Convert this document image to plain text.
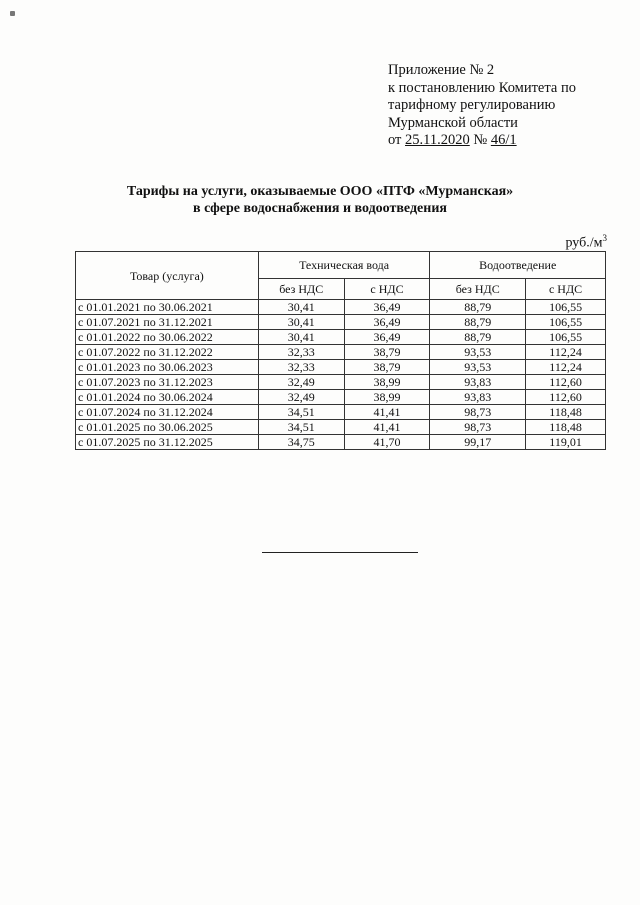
Приложение № 2
к постановлению Комитета по
тарифному регулированию
Мурманской области
от 25.11.2020 № 46/1
Тарифы на услуги, оказываемые ООО «ПТФ «Мурманская»
в сфере водоснабжения и водоотведения
$руб./м^3$
Товар (услуга)	Техническая вода		Водоотведение	
	без НДС	с НДС	без НДС	с НДС
с 01.01.2021 по 30.06.2021	30,41	36,49	88,79	106,55
с 01.07.2021 по 31.12.2021	30,41	36,49	88,79	106,55
с 01.01.2022 по 30.06.2022	30,41	36,49	88,79	106,55
с 01.07.2022 по 31.12.2022	32,33	38,79	93,53	112,24
с 01.01.2023 по 30.06.2023	32,33	38,79	93,53	112,24
с 01.07.2023 по 31.12.2023	32,49	38,99	93,83	112,60
с 01.01.2024 по 30.06.2024	32,49	38,99	93,83	112,60
с 01.07.2024 по 31.12.2024	34,51	41,41	98,73	118,48
с 01.01.2025 по 30.06.2025	34,51	41,41	98,73	118,48
с 01.07.2025 по 31.12.2025	34,75	41,70	99,17	119,01
